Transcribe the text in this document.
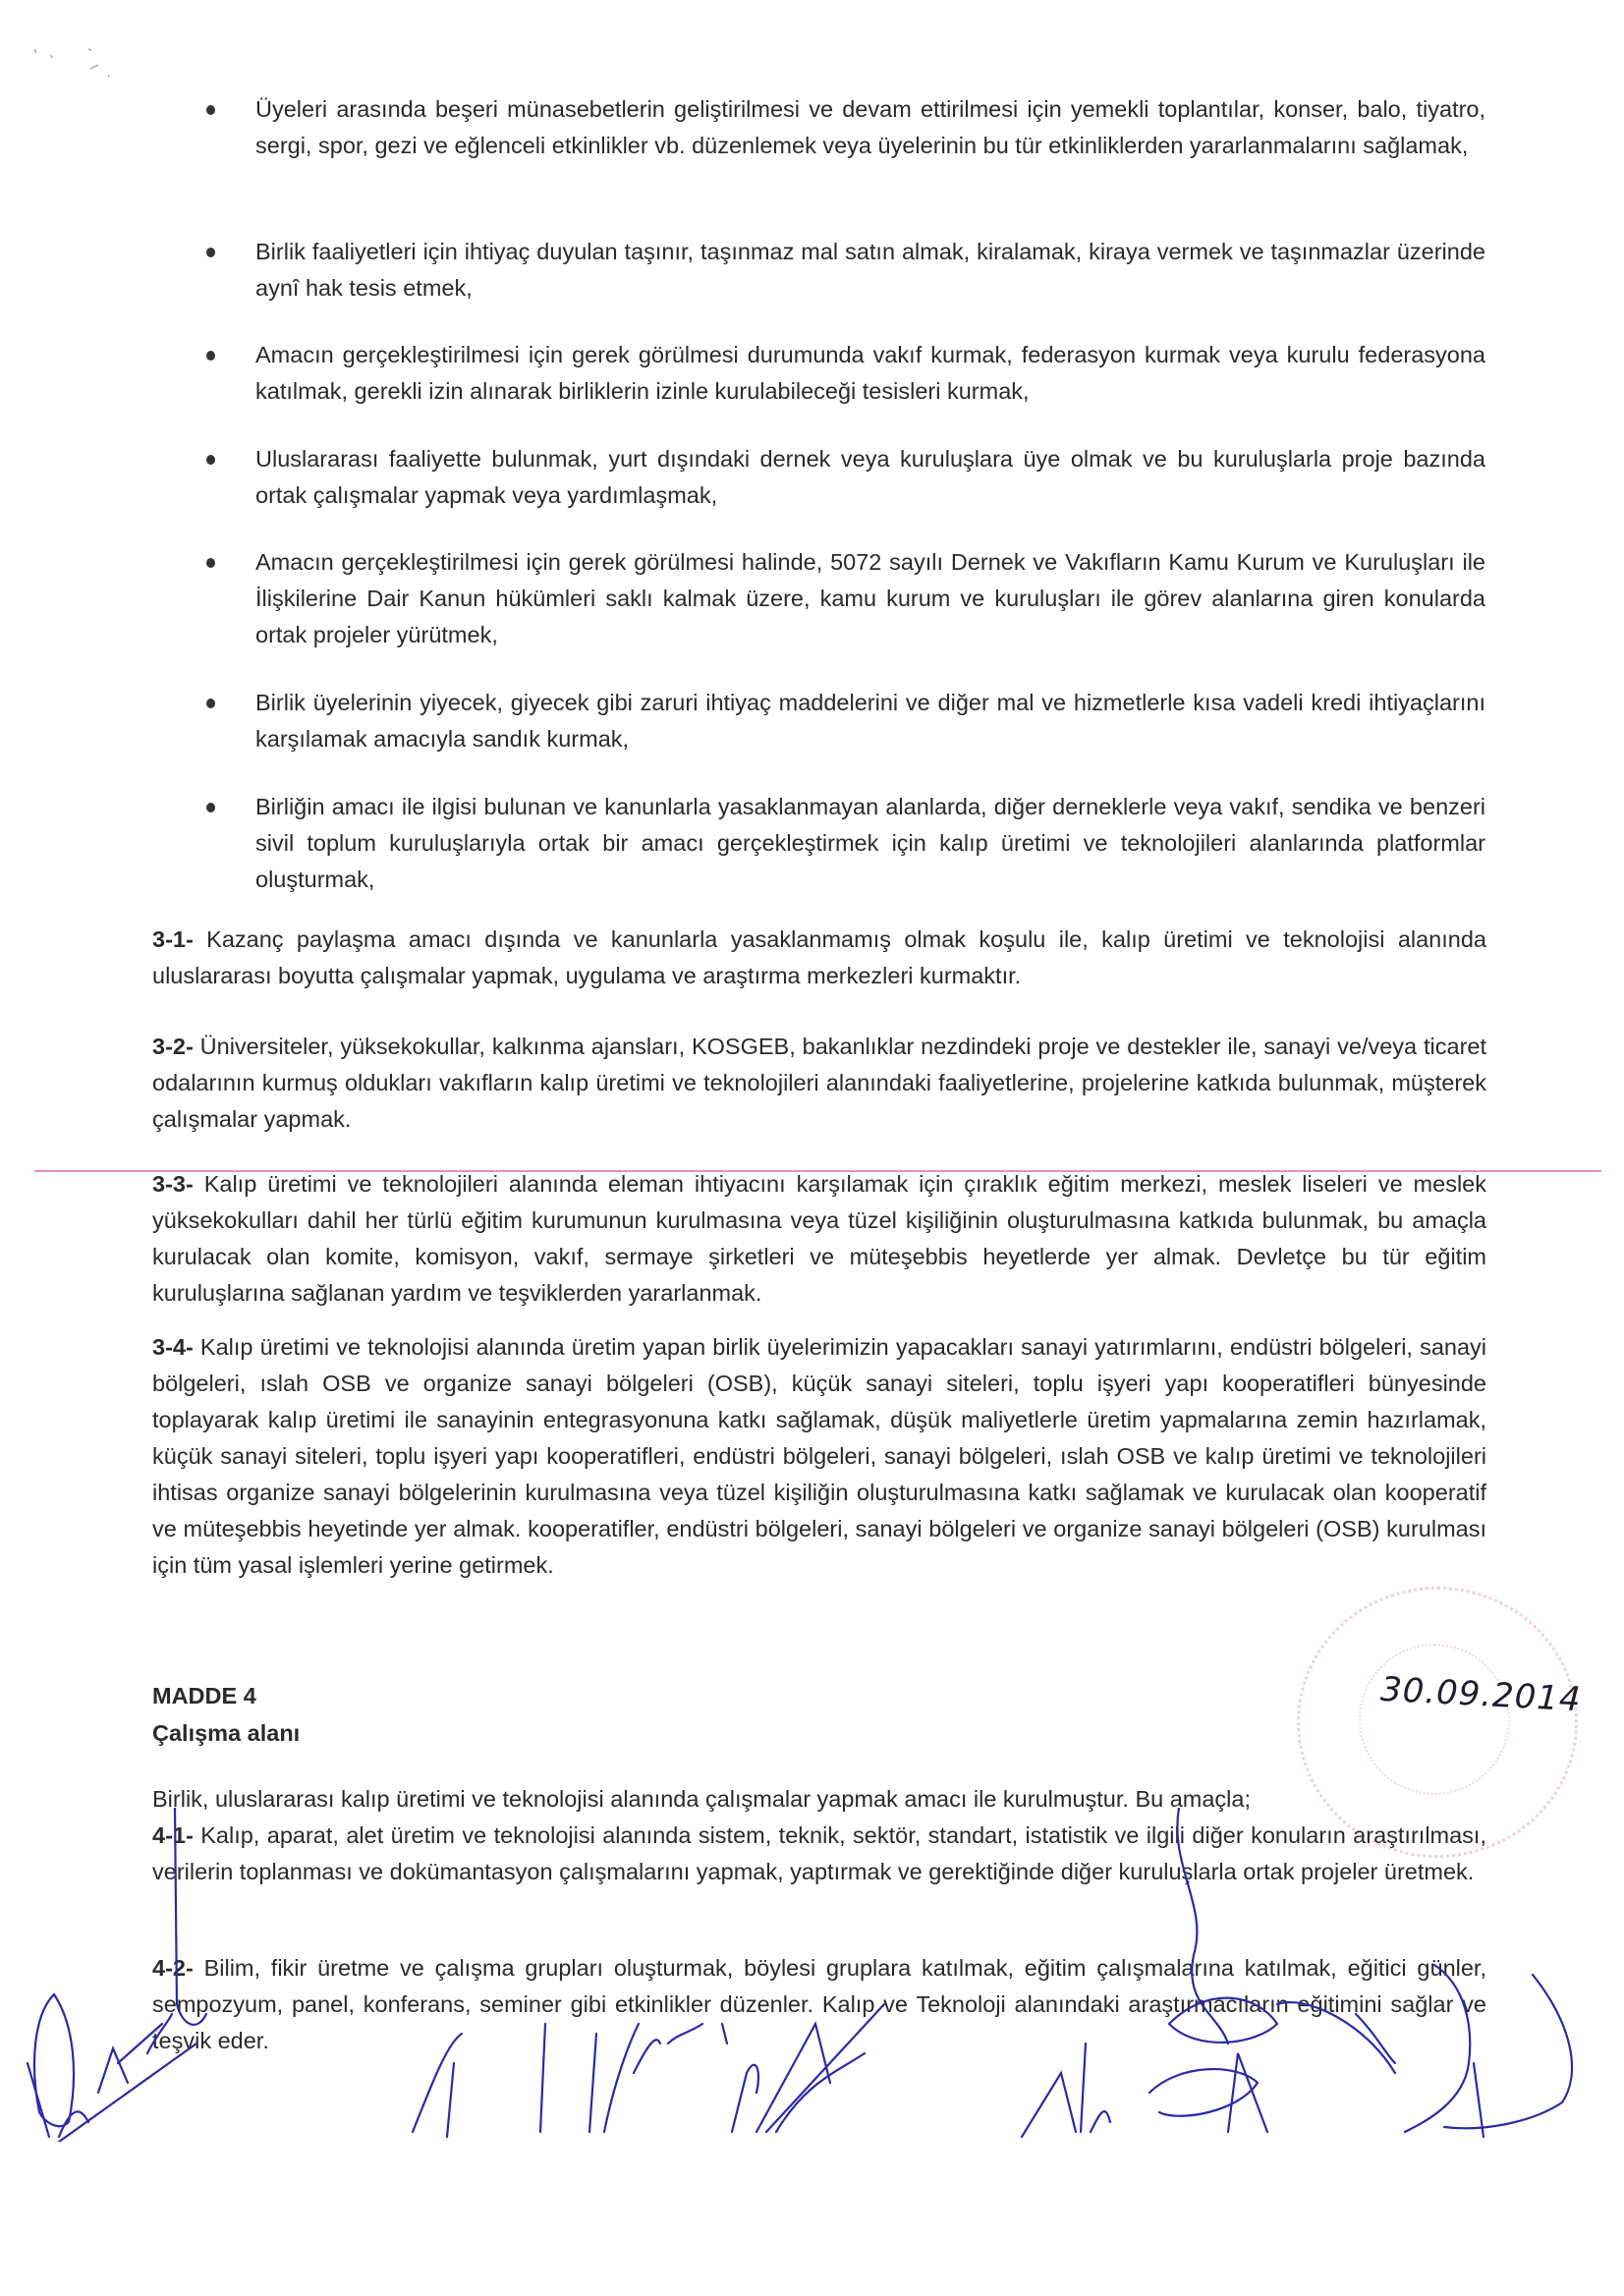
Üyeleri arasında beşeri münasebetlerin geliştirilmesi ve devam ettirilmesi için yemekli toplantılar, konser, balo, tiyatro, sergi, spor, gezi ve eğlenceli etkinlikler vb. düzenlemek veya üyelerinin bu tür etkinliklerden yararlanmalarını sağlamak,
Birlik faaliyetleri için ihtiyaç duyulan taşınır, taşınmaz mal satın almak, kiralamak, kiraya vermek ve taşınmazlar üzerinde aynî hak tesis etmek,
Amacın gerçekleştirilmesi için gerek görülmesi durumunda vakıf kurmak, federasyon kurmak veya kurulu federasyona katılmak, gerekli izin alınarak birliklerin izinle kurulabileceği tesisleri kurmak,
Uluslararası faaliyette bulunmak, yurt dışındaki dernek veya kuruluşlara üye olmak ve bu kuruluşlarla proje bazında ortak çalışmalar yapmak veya yardımlaşmak,
Amacın gerçekleştirilmesi için gerek görülmesi halinde, 5072 sayılı Dernek ve Vakıfların Kamu Kurum ve Kuruluşları ile İlişkilerine Dair Kanun hükümleri saklı kalmak üzere, kamu kurum ve kuruluşları ile görev alanlarına giren konularda ortak projeler yürütmek,
Birlik üyelerinin yiyecek, giyecek gibi zaruri ihtiyaç maddelerini ve diğer mal ve hizmetlerle kısa vadeli kredi ihtiyaçlarını karşılamak amacıyla sandık kurmak,
Birliğin amacı ile ilgisi bulunan ve kanunlarla yasaklanmayan alanlarda, diğer derneklerle veya vakıf, sendika ve benzeri sivil toplum kuruluşlarıyla ortak bir amacı gerçekleştirmek için kalıp üretimi ve teknolojileri alanlarında platformlar oluşturmak,
3-1- Kazanç paylaşma amacı dışında ve kanunlarla yasaklanmamış olmak koşulu ile, kalıp üretimi ve teknolojisi alanında uluslararası boyutta çalışmalar yapmak, uygulama ve araştırma merkezleri kurmaktır.
3-2- Üniversiteler, yüksekokullar, kalkınma ajansları, KOSGEB, bakanlıklar nezdindeki proje ve destekler ile, sanayi ve/veya ticaret odalarının kurmuş oldukları vakıfların kalıp üretimi ve teknolojileri alanındaki faaliyetlerine, projelerine katkıda bulunmak, müşterek çalışmalar yapmak.
3-3- Kalıp üretimi ve teknolojileri alanında eleman ihtiyacını karşılamak için çıraklık eğitim merkezi, meslek liseleri ve meslek yüksekokulları dahil her türlü eğitim kurumunun kurulmasına veya tüzel kişiliğinin oluşturulmasına katkıda bulunmak, bu amaçla kurulacak olan komite, komisyon, vakıf, sermaye şirketleri ve müteşebbis heyetlerde yer almak. Devletçe bu tür eğitim kuruluşlarına sağlanan yardım ve teşviklerden yararlanmak.
3-4- Kalıp üretimi ve teknolojisi alanında üretim yapan birlik üyelerimizin yapacakları sanayi yatırımlarını, endüstri bölgeleri, sanayi bölgeleri, ıslah OSB ve organize sanayi bölgeleri (OSB), küçük sanayi siteleri, toplu işyeri yapı kooperatifleri bünyesinde toplayarak kalıp üretimi ile sanayinin entegrasyonuna katkı sağlamak, düşük maliyetlerle üretim yapmalarına zemin hazırlamak, küçük sanayi siteleri, toplu işyeri yapı kooperatifleri, endüstri bölgeleri, sanayi bölgeleri, ıslah OSB ve kalıp üretimi ve teknolojileri ihtisas organize sanayi bölgelerinin kurulmasına veya tüzel kişiliğin oluşturulmasına katkı sağlamak ve kurulacak olan kooperatif ve müteşebbis heyetinde yer almak. kooperatifler, endüstri bölgeleri, sanayi bölgeleri ve organize sanayi bölgeleri (OSB) kurulması için tüm yasal işlemleri yerine getirmek.
30.09.2014
MADDE 4
Çalışma alanı
Birlik, uluslararası kalıp üretimi ve teknolojisi alanında çalışmalar yapmak amacı ile kurulmuştur. Bu amaçla;
4-1- Kalıp, aparat, alet üretim ve teknolojisi alanında sistem, teknik, sektör, standart, istatistik ve ilgili diğer konuların araştırılması, verilerin toplanması ve dokümantasyon çalışmalarını yapmak, yaptırmak ve gerektiğinde diğer kuruluşlarla ortak projeler üretmek.
4-2- Bilim, fikir üretme ve çalışma grupları oluşturmak, böylesi gruplara katılmak, eğitim çalışmalarına katılmak, eğitici günler, sempozyum, panel, konferans, seminer gibi etkinlikler düzenler. Kalıp ve Teknoloji alanındaki araştırmacıların eğitimini sağlar ve teşvik eder.
